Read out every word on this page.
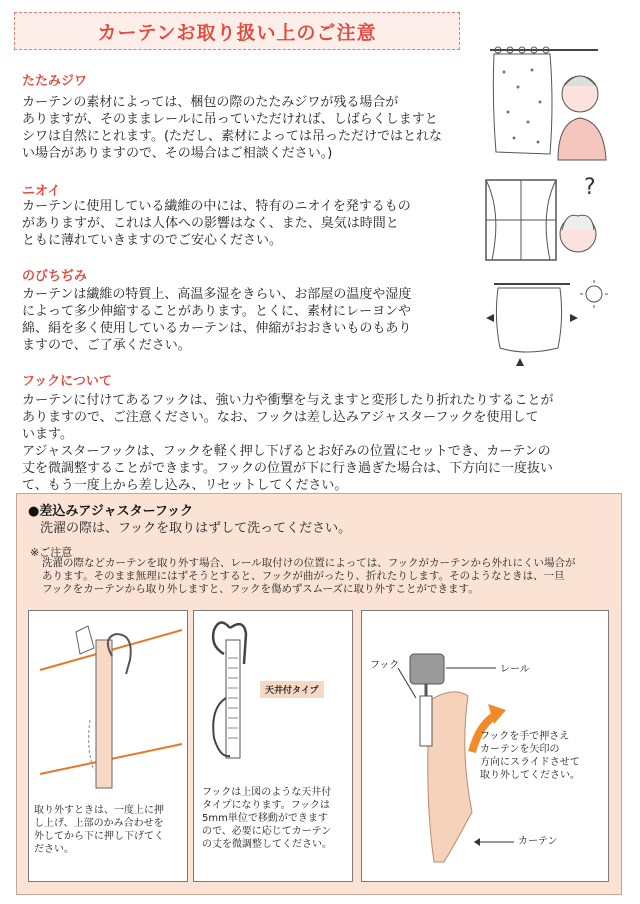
カーテンお取り扱い上のご注意
たたみジワ
カーテンの素材によっては、梱包の際のたたみジワが残る場合が
ありますが、そのままレールに吊っていただければ、しばらくしますと
シワは自然にとれます。(ただし、素材によっては吊っただけではとれな
い場合がありますので、その場合はご相談ください。)
ニオイ
カーテンに使用している繊維の中には、特有のニオイを発するもの
がありますが、これは人体への影響はなく、また、臭気は時間と
ともに薄れていきますのでご安心ください。
のびちぢみ
カーテンは繊維の特質上、高温多湿をきらい、お部屋の温度や湿度
によって多少伸縮することがあります。とくに、素材にレーヨンや
綿、絹を多く使用しているカーテンは、伸縮がおおきいものもあり
ますので、ご了承ください。
フックについて
カーテンに付けてあるフックは、強い力や衝撃を与えますと変形したり折れたりすることが
ありますので、ご注意ください。なお、フックは差し込みアジャスターフックを使用して
います。
アジャスターフックは、フックを軽く押し下げるとお好みの位置にセットでき、カーテンの
丈を微調整することができます。フックの位置が下に行き過ぎた場合は、下方向に一度抜い
て、もう一度上から差し込み、リセットしてください。
?
●差込みアジャスターフック
洗濯の際は、フックを取りはずして洗ってください。
※ご注意
洗濯の際などカーテンを取り外す場合、レール取付けの位置によっては、フックがカーテンから外れにくい場合が
あります。そのまま無理にはずそうとすると、フックが曲がったり、折れたりします。そのようなときは、一旦
フックをカーテンから取り外しますと、フックを傷めずスムーズに取り外すことができます。
取り外すときは、一度上に押
し上げ、上部のかみ合わせを
外してから下に押し下げてく
ださい。
天井付タイプ
フックは上図のような天井付
タイプになります。フックは
5mm単位で移動ができます
ので、必要に応じてカーテン
の丈を微調整してください。
フック	レール
フックを手で押さえ
カーテンを矢印の
方向にスライドさせて
取り外してください。
カーテン
